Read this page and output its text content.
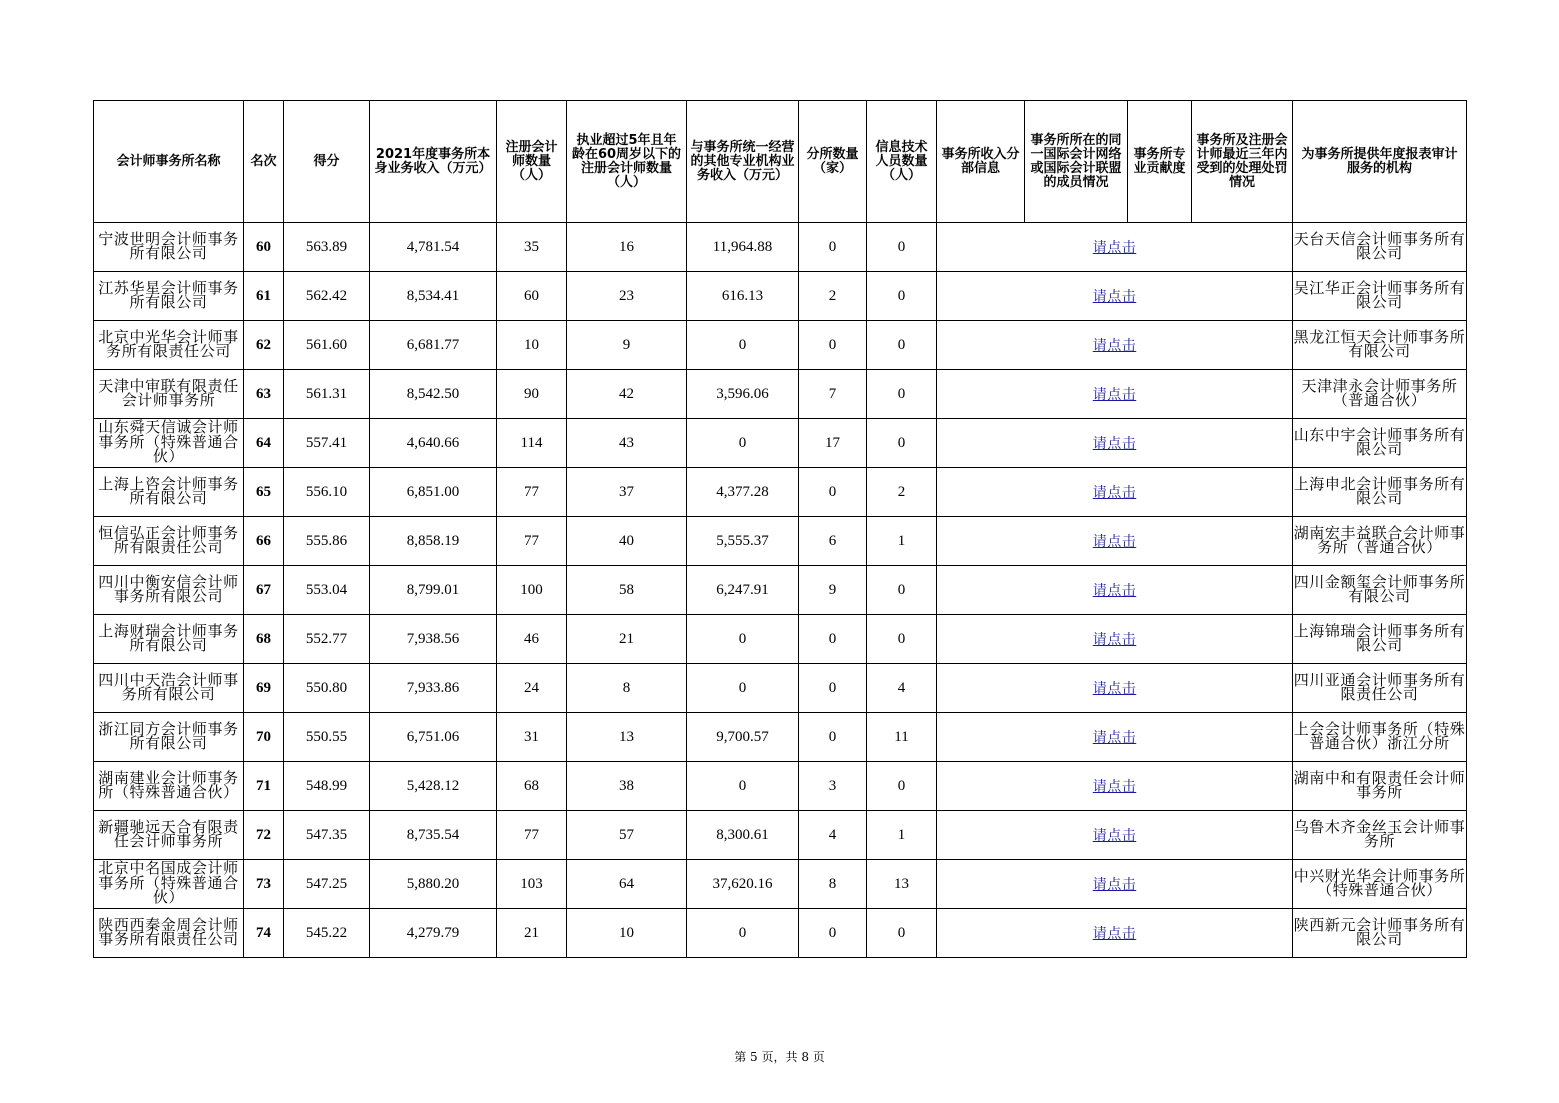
会计师事务所名称	名次	得分	2021年度事务所本身业务收入（万元）	注册会计师数量（人）	执业超过5年且年龄在60周岁以下的注册会计师数量（人）	与事务所统一经营的其他专业机构业务收入（万元）	分所数量（家）	信息技术人员数量（人）	事务所收入分部信息	事务所所在的同一国际会计网络或国际会计联盟的成员情况	事务所专业贡献度	事务所及注册会计师最近三年内受到的处理处罚情况	为事务所提供年度报表审计服务的机构
宁波世明会计师事务所有限公司	60	563.89	4,781.54	35	16	11,964.88	0	0	请点击				天台天信会计师事务所有限公司
江苏华星会计师事务所有限公司	61	562.42	8,534.41	60	23	616.13	2	0	请点击				吴江华正会计师事务所有限公司
北京中光华会计师事务所有限责任公司	62	561.60	6,681.77	10	9	0	0	0	请点击				黑龙江恒天会计师事务所有限公司
天津中审联有限责任会计师事务所	63	561.31	8,542.50	90	42	3,596.06	7	0	请点击				天津津永会计师事务所（普通合伙）
山东舜天信诚会计师事务所（特殊普通合伙）	64	557.41	4,640.66	114	43	0	17	0	请点击				山东中宇会计师事务所有限公司
上海上咨会计师事务所有限公司	65	556.10	6,851.00	77	37	4,377.28	0	2	请点击				上海申北会计师事务所有限公司
恒信弘正会计师事务所有限责任公司	66	555.86	8,858.19	77	40	5,555.37	6	1	请点击				湖南宏丰益联合会计师事务所（普通合伙）
四川中衡安信会计师事务所有限公司	67	553.04	8,799.01	100	58	6,247.91	9	0	请点击				四川金额玺会计师事务所有限公司
上海财瑞会计师事务所有限公司	68	552.77	7,938.56	46	21	0	0	0	请点击				上海锦瑞会计师事务所有限公司
四川中天浩会计师事务所有限公司	69	550.80	7,933.86	24	8	0	0	4	请点击				四川亚通会计师事务所有限责任公司
浙江同方会计师事务所有限公司	70	550.55	6,751.06	31	13	9,700.57	0	11	请点击				上会会计师事务所（特殊普通合伙）浙江分所
湖南建业会计师事务所（特殊普通合伙）	71	548.99	5,428.12	68	38	0	3	0	请点击				湖南中和有限责任会计师事务所
新疆驰远天合有限责任会计师事务所	72	547.35	8,735.54	77	57	8,300.61	4	1	请点击				乌鲁木齐金丝玉会计师事务所
北京中名国成会计师事务所（特殊普通合伙）	73	547.25	5,880.20	103	64	37,620.16	8	13	请点击				中兴财光华会计师事务所（特殊普通合伙）
陕西西秦金周会计师事务所有限责任公司	74	545.22	4,279.79	21	10	0	0	0	请点击				陕西新元会计师事务所有限公司
第 5 页，共 8 页
